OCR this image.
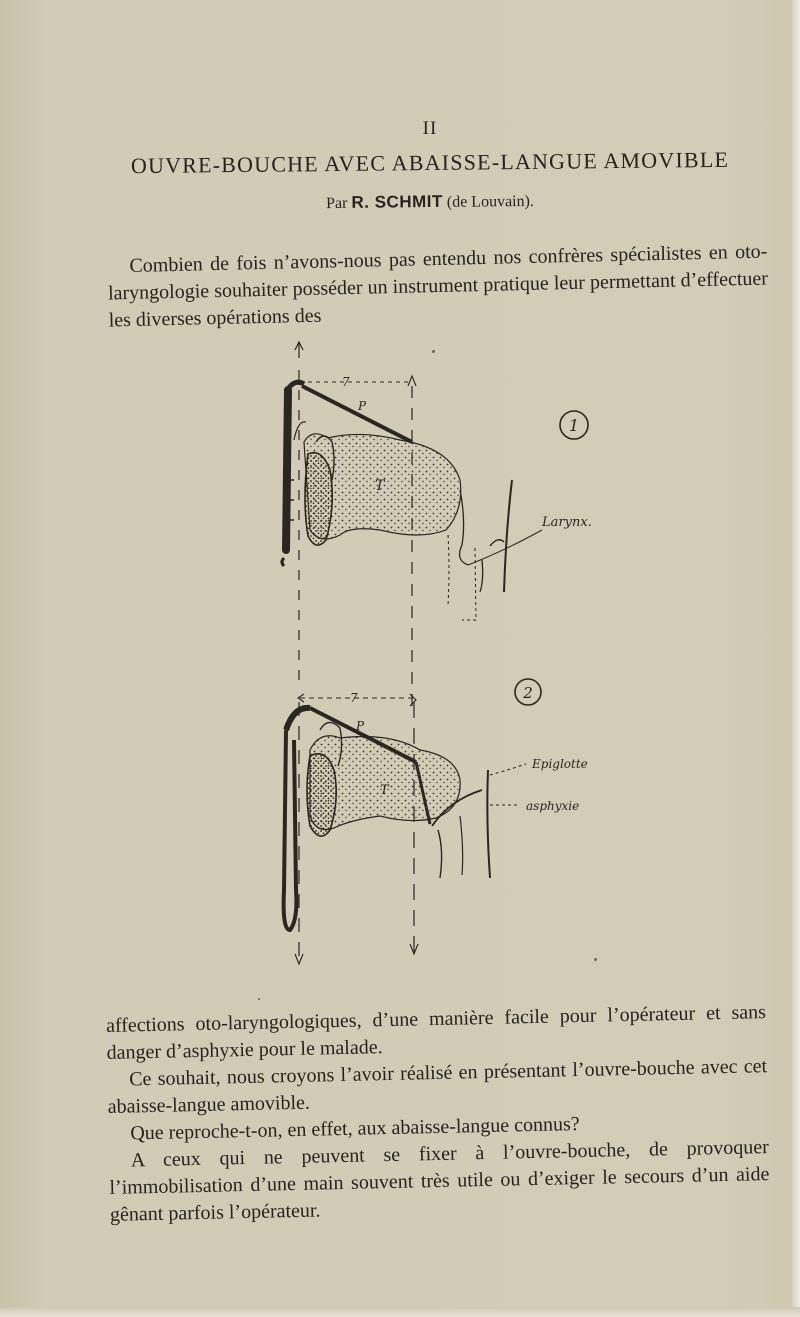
II
OUVRE-BOUCHE AVEC ABAISSE-LANGUE AMOVIBLE
Par R. SCHMIT (de Louvain).

Combien de fois n’avons-nous pas entendu nos confrères spécialistes en oto-laryngologie souhaiter posséder un instrument pratique leur permettant d’effectuer les diverses opérations des

1
2
Larynx.
Epiglotte
asphyxie
T
P
7
P
7
T

affections oto-laryngologiques, d’une manière facile pour l’opérateur et sans danger d’asphyxie pour le malade.

Ce souhait, nous croyons l’avoir réalisé en présentant l’ouvre-bouche avec cet abaisse-langue amovible.

Que reproche-t-on, en effet, aux abaisse-langue connus?

A ceux qui ne peuvent se fixer à l’ouvre-bouche, de provoquer l’immobilisation d’une main souvent très utile ou d’exiger le secours d’un aide gênant parfois l’opérateur.
